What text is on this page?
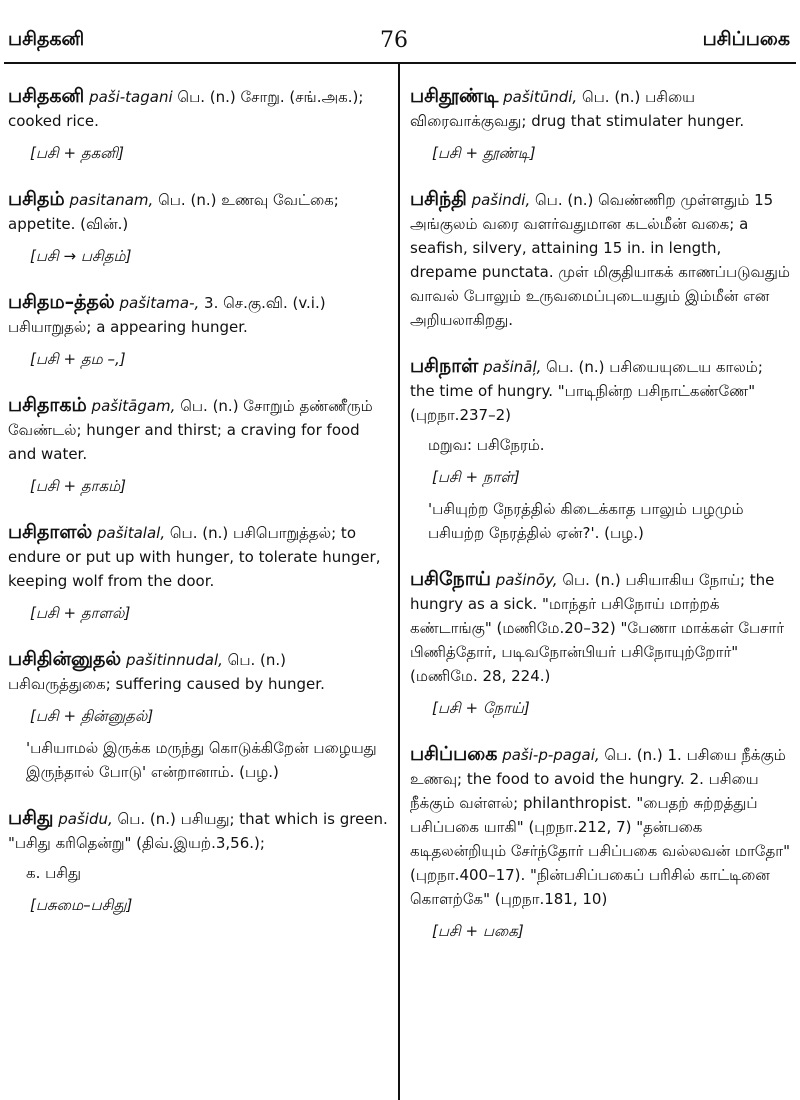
பசிதகனி	76	பசிப்பகை

பசிதகனி paši-tagani பெ. (n.) சோறு. (சங்.அக.); cooked rice.

[பசி + தகனி]

பசிதம் pasitanam, பெ. (n.) உணவு வேட்கை; appetite. (வின்.)

[பசி → பசிதம்]

பசிதம–த்தல் pašitama-, 3. செ.கு.வி. (v.i.) பசியாறுதல்; a appearing hunger.

[பசி + தம –,]

பசிதாகம் pašitāgam, பெ. (n.) சோறும் தண்ணீரும் வேண்டல்; hunger and thirst; a craving for food and water.

[பசி + தாகம்]

பசிதாளல் pašitalal, பெ. (n.) பசிபொறுத்தல்; to endure or put up with hunger, to tolerate hunger, keeping wolf from the door.

[பசி + தாளல்]

பசிதின்னுதல் pašitinnudal, பெ. (n.) பசிவருத்துகை; suffering caused by hunger.

[பசி + தின்னுதல்]

'பசியாமல் இருக்க மருந்து கொடுக்கிறேன் பழையது இருந்தால் போடு' என்றானாம். (பழ.)

பசிது pašidu, பெ. (n.) பசியது; that which is green. "பசிது கரிதென்று" (திவ்.இயற்.3,56.);

க. பசிது

[பசுமை–பசிது]

பசிதூண்டி pašitūndi, பெ. (n.) பசியை விரைவாக்குவது; drug that stimulater hunger.

[பசி + தூண்டி]

பசிந்தி pašindi, பெ. (n.) வெண்ணிற முள்ளதும் 15 அங்குலம் வரை வளர்வதுமான கடல்மீன் வகை; a seafish, silvery, attaining 15 in. in length, drepame punctata. முள் மிகுதியாகக் காணப்படுவதும் வாவல் போலும் உருவமைப்புடையதும் இம்மீன் என அறியலாகிறது.

பசிநாள் pašināļ, பெ. (n.) பசியையுடைய காலம்; the time of hungry. "பாடிநின்ற பசிநாட்கண்ணே" (புறநா.237–2)

மறுவ: பசிநேரம்.

[பசி + நாள்]

'பசியுற்ற நேரத்தில் கிடைக்காத பாலும் பழமும் பசியற்ற நேரத்தில் ஏன்?'. (பழ.)

பசிநோய் pašinōy, பெ. (n.) பசியாகிய நோய்; the hungry as a sick. "மாந்தர் பசிநோய் மாற்றக் கண்டாங்கு" (மணிமே.20–32) "பேணா மாக்கள் பேசார் பிணித்தோர், படிவநோன்பியர் பசிநோயுற்றோர்" (மணிமே. 28, 224.)

[பசி + நோய்]

பசிப்பகை paši-p-pagai, பெ. (n.) 1. பசியை நீக்கும் உணவு; the food to avoid the hungry. 2. பசியை நீக்கும் வள்ளல்; philanthropist. "பைதற் சுற்றத்துப் பசிப்பகை யாகி" (புறநா.212, 7) "தன்பகை கடிதலன்றியும் சேர்ந்தோர் பசிப்பகை வல்லவன் மாதோ" (புறநா.400–17). "நின்பசிப்பகைப் பரிசில் காட்டினை கொளற்கே" (புறநா.181, 10)

[பசி + பகை]
